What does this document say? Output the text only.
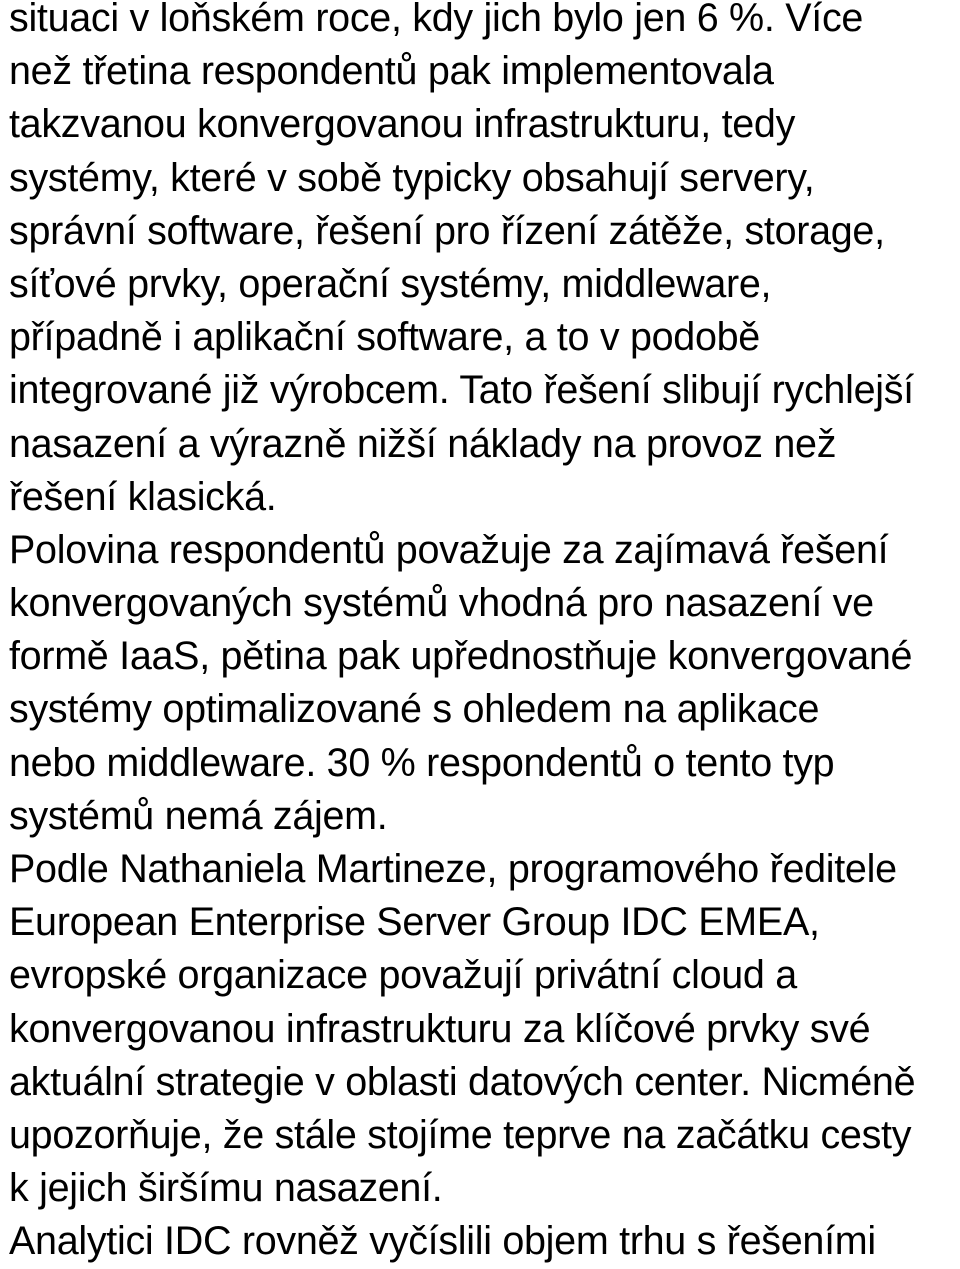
situaci v loňském roce, kdy jich bylo jen 6 %. Více
než třetina respondentů pak implementovala
takzvanou konvergovanou infrastrukturu, tedy
systémy, které v sobě typicky obsahují servery,
správní software, řešení pro řízení zátěže, storage,
síťové prvky, operační systémy, middleware,
případně i aplikační software, a to v podobě
integrované již výrobcem. Tato řešení slibují rychlejší
nasazení a výrazně nižší náklady na provoz než
řešení klasická.

Polovina respondentů považuje za zajímavá řešení
konvergovaných systémů vhodná pro nasazení ve
formě IaaS, pětina pak upřednostňuje konvergované
systémy optimalizované s ohledem na aplikace
nebo middleware. 30 % respondentů o tento typ
systémů nemá zájem.

Podle Nathaniela Martineze, programového ředitele
European Enterprise Server Group IDC EMEA,
evropské organizace považují privátní cloud a
konvergovanou infrastrukturu za klíčové prvky své
aktuální strategie v oblasti datových center. Nicméně
upozorňuje, že stále stojíme teprve na začátku cesty
k jejich širšímu nasazení.

Analytici IDC rovněž vyčíslili objem trhu s řešeními
